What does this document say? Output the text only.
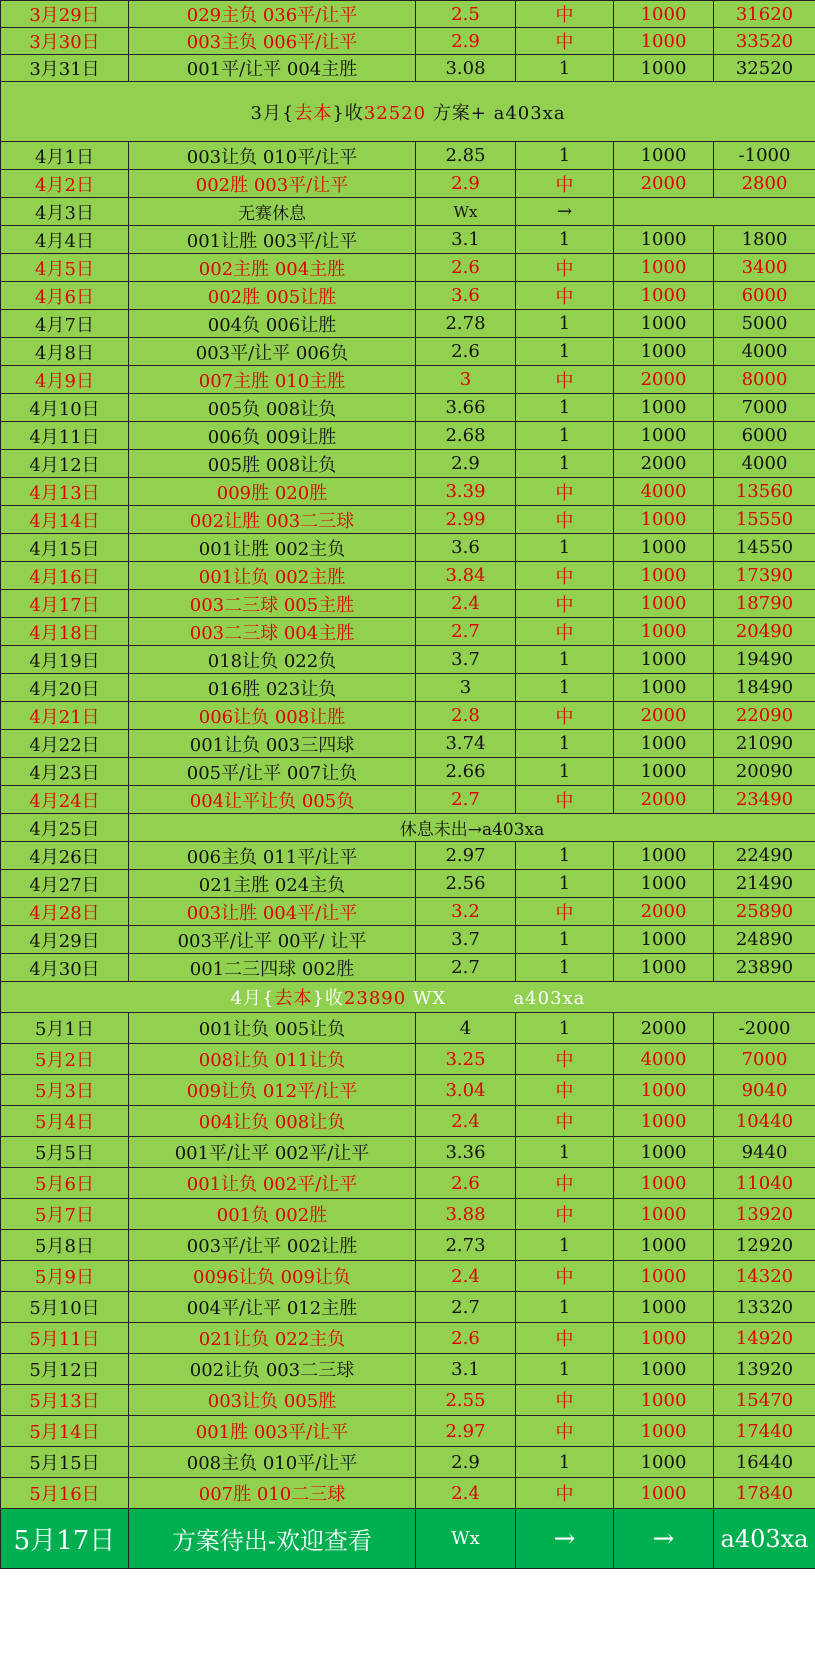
3月29日	029主负 036平/让平	2.5	中	1000	31620
3月30日	003主负 006平/让平	2.9	中	1000	33520
3月31日	001平/让平 004主胜	3.08	1	1000	32520
3月{去本}收32520 方案+ a403xa					
4月1日	003让负 010平/让平	2.85	1	1000	-1000
4月2日	002胜 003平/让平	2.9	中	2000	2800
4月3日	无赛休息	Wx	→		
4月4日	001让胜 003平/让平	3.1	1	1000	1800
4月5日	002主胜 004主胜	2.6	中	1000	3400
4月6日	002胜 005让胜	3.6	中	1000	6000
4月7日	004负 006让胜	2.78	1	1000	5000
4月8日	003平/让平 006负	2.6	1	1000	4000
4月9日	007主胜 010主胜	3	中	2000	8000
4月10日	005负 008让负	3.66	1	1000	7000
4月11日	006负 009让胜	2.68	1	1000	6000
4月12日	005胜 008让负	2.9	1	2000	4000
4月13日	009胜 020胜	3.39	中	4000	13560
4月14日	002让胜 003二三球	2.99	中	1000	15550
4月15日	001让胜 002主负	3.6	1	1000	14550
4月16日	001让负 002主胜	3.84	中	1000	17390
4月17日	003二三球 005主胜	2.4	中	1000	18790
4月18日	003二三球 004主胜	2.7	中	1000	20490
4月19日	018让负 022负	3.7	1	1000	19490
4月20日	016胜 023让负	3	1	1000	18490
4月21日	006让负 008让胜	2.8	中	2000	22090
4月22日	001让负 003三四球	3.74	1	1000	21090
4月23日	005平/让平 007让负	2.66	1	1000	20090
4月24日	004让平让负 005负	2.7	中	2000	23490
4月25日	休息未出→a403xa				
4月26日	006主负 011平/让平	2.97	1	1000	22490
4月27日	021主胜 024主负	2.56	1	1000	21490
4月28日	003让胜 004平/让平	3.2	中	2000	25890
4月29日	003平/让平 00平/ 让平	3.7	1	1000	24890
4月30日	001二三四球 002胜	2.7	1	1000	23890
4月{去本}收23890 WX          a403xa					
5月1日	001让负 005让负	4	1	2000	-2000
5月2日	008让负 011让负	3.25	中	4000	7000
5月3日	009让负 012平/让平	3.04	中	1000	9040
5月4日	004让负 008让负	2.4	中	1000	10440
5月5日	001平/让平 002平/让平	3.36	1	1000	9440
5月6日	001让负 002平/让平	2.6	中	1000	11040
5月7日	001负 002胜	3.88	中	1000	13920
5月8日	003平/让平 002让胜	2.73	1	1000	12920
5月9日	0096让负 009让负	2.4	中	1000	14320
5月10日	004平/让平 012主胜	2.7	1	1000	13320
5月11日	021让负 022主负	2.6	中	1000	14920
5月12日	002让负 003二三球	3.1	1	1000	13920
5月13日	003让负 005胜	2.55	中	1000	15470
5月14日	001胜 003平/让平	2.97	中	1000	17440
5月15日	008主负 010平/让平	2.9	1	1000	16440
5月16日	007胜 010二三球	2.4	中	1000	17840
5月17日	方案待出-欢迎查看	Wx	→	→	a403xa
